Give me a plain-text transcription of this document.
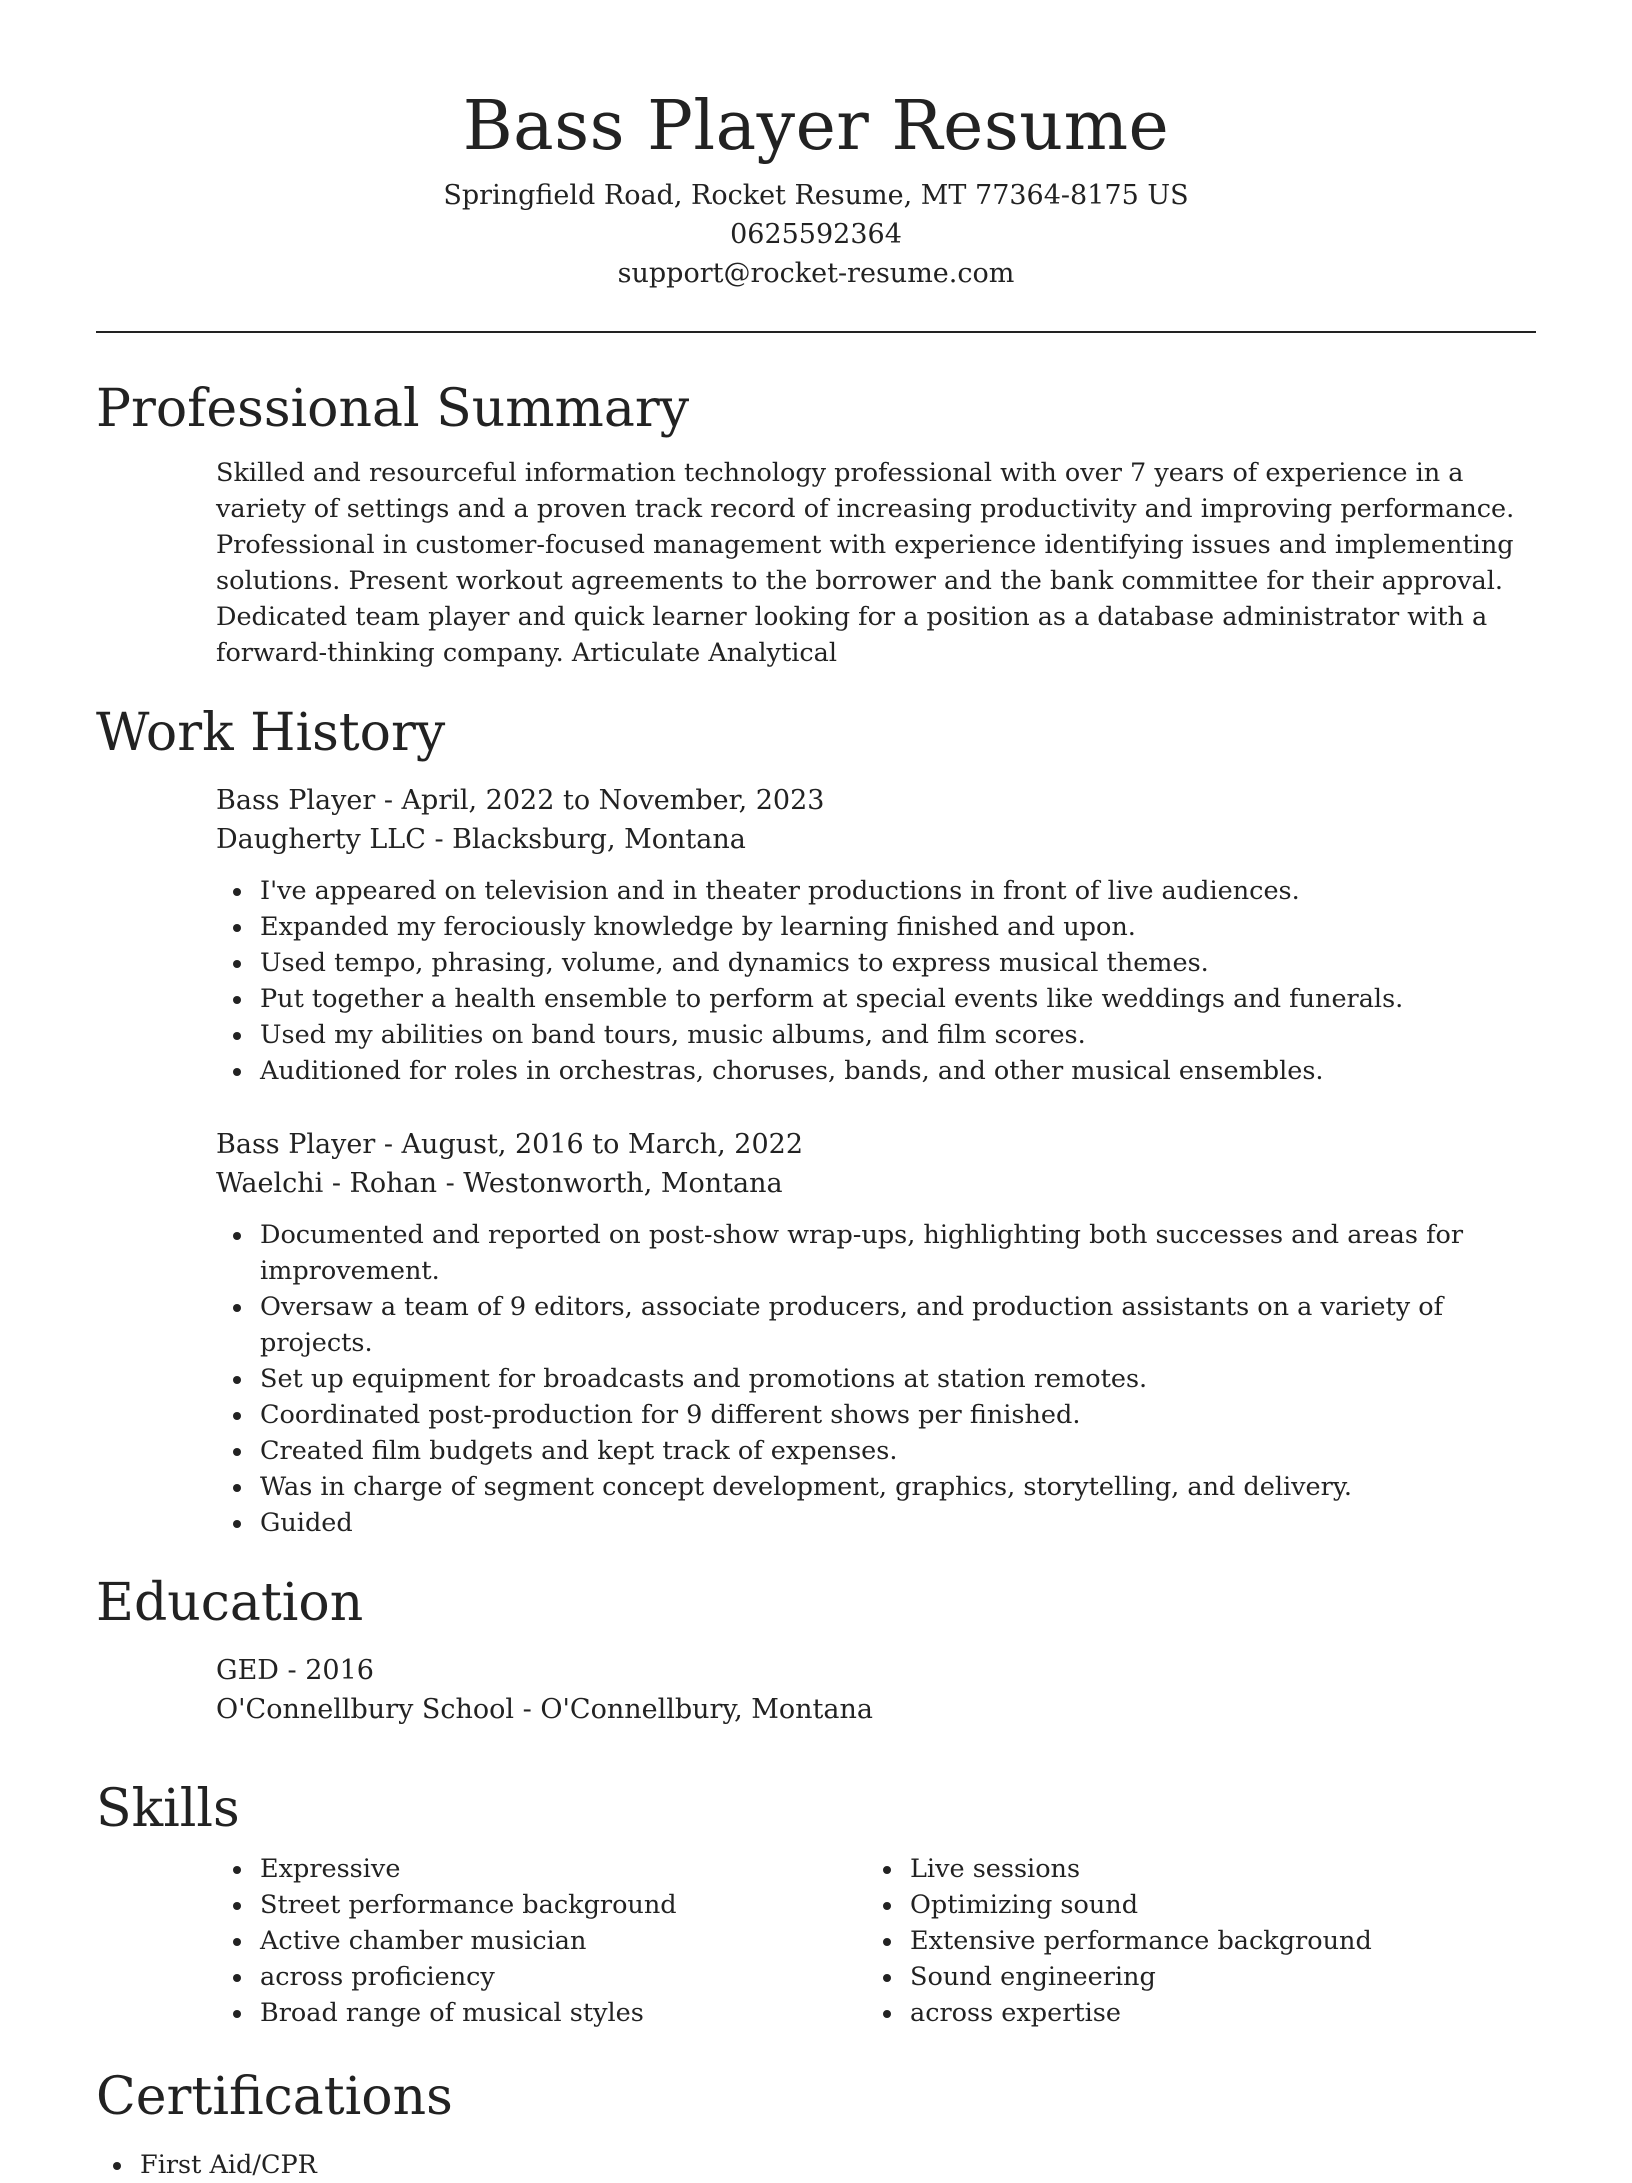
Bass Player Resume
Springfield Road, Rocket Resume, MT 77364-8175 US
0625592364
support@rocket-resume.com
Professional Summary

Skilled and resourceful information technology professional with over 7 years of experience in a variety of settings and a proven track record of increasing productivity and improving performance. Professional in customer-focused management with experience identifying issues and implementing solutions. Present workout agreements to the borrower and the bank committee for their approval. Dedicated team player and quick learner looking for a position as a database administrator with a forward-thinking company. Articulate Analytical

Work History
Bass Player - April, 2022 to November, 2023
Daugherty LLC - Blacksburg, Montana
I've appeared on television and in theater productions in front of live audiences.
Expanded my ferociously knowledge by learning finished and upon.
Used tempo, phrasing, volume, and dynamics to express musical themes.
Put together a health ensemble to perform at special events like weddings and funerals.
Used my abilities on band tours, music albums, and film scores.
Auditioned for roles in orchestras, choruses, bands, and other musical ensembles.
Bass Player - August, 2016 to March, 2022
Waelchi - Rohan - Westonworth, Montana
Documented and reported on post-show wrap-ups, highlighting both successes and areas for improvement.
Oversaw a team of 9 editors, associate producers, and production assistants on a variety of projects.
Set up equipment for broadcasts and promotions at station remotes.
Coordinated post-production for 9 different shows per finished.
Created film budgets and kept track of expenses.
Was in charge of segment concept development, graphics, storytelling, and delivery.
Guided
Education
GED - 2016
O'Connellbury School - O'Connellbury, Montana
Skills
Expressive
Street performance background
Active chamber musician
across proficiency
Broad range of musical styles
Live sessions
Optimizing sound
Extensive performance background
Sound engineering
across expertise
Certifications
First Aid/CPR
